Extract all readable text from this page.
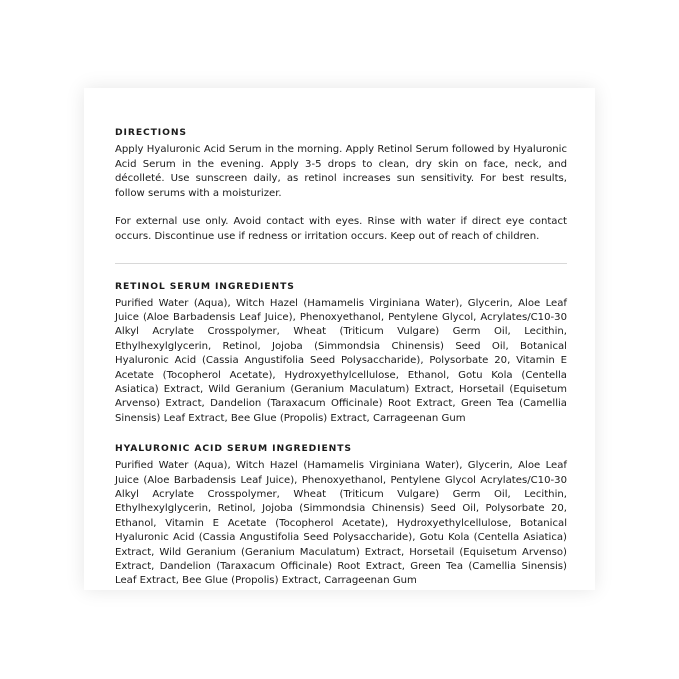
DIRECTIONS

Apply Hyaluronic Acid Serum in the morning. Apply Retinol Serum followed by Hyaluronic Acid Serum in the evening. Apply 3-5 drops to clean, dry skin on face, neck, and décolleté. Use sunscreen daily, as retinol increases sun sensitivity. For best results, follow serums with a moisturizer.

For external use only. Avoid contact with eyes. Rinse with water if direct eye contact occurs. Discontinue use if redness or irritation occurs. Keep out of reach of children.

RETINOL SERUM INGREDIENTS

Purified Water (Aqua), Witch Hazel (Hamamelis Virginiana Water), Glycerin, Aloe Leaf Juice (Aloe Barbadensis Leaf Juice), Phenoxyethanol, Pentylene Glycol, Acrylates/C10-30 Alkyl Acrylate Crosspolymer, Wheat (Triticum Vulgare) Germ Oil, Lecithin, Ethylhexylglycerin, Retinol, Jojoba (Simmondsia Chinensis) Seed Oil, Botanical Hyaluronic Acid (Cassia Angustifolia Seed Polysaccharide), Polysorbate 20, Vitamin E Acetate (Tocopherol Acetate), Hydroxyethylcellulose, Ethanol, Gotu Kola (Centella Asiatica) Extract, Wild Geranium (Geranium Maculatum) Extract, Horsetail (Equisetum Arvenso) Extract, Dandelion (Taraxacum Officinale) Root Extract, Green Tea (Camellia Sinensis) Leaf Extract, Bee Glue (Propolis) Extract, Carrageenan Gum

HYALURONIC ACID SERUM INGREDIENTS

Purified Water (Aqua), Witch Hazel (Hamamelis Virginiana Water), Glycerin, Aloe Leaf Juice (Aloe Barbadensis Leaf Juice), Phenoxyethanol, Pentylene Glycol Acrylates/C10-30 Alkyl Acrylate Crosspolymer, Wheat (Triticum Vulgare) Germ Oil, Lecithin, Ethylhexylglycerin, Retinol, Jojoba (Simmondsia Chinensis) Seed Oil, Polysorbate 20, Ethanol, Vitamin E Acetate (Tocopherol Acetate), Hydroxyethylcellulose, Botanical Hyaluronic Acid (Cassia Angustifolia Seed Polysaccharide), Gotu Kola (Centella Asiatica) Extract, Wild Geranium (Geranium Maculatum) Extract, Horsetail (Equisetum Arvenso) Extract, Dandelion (Taraxacum Officinale) Root Extract, Green Tea (Camellia Sinensis) Leaf Extract, Bee Glue (Propolis) Extract, Carrageenan Gum
